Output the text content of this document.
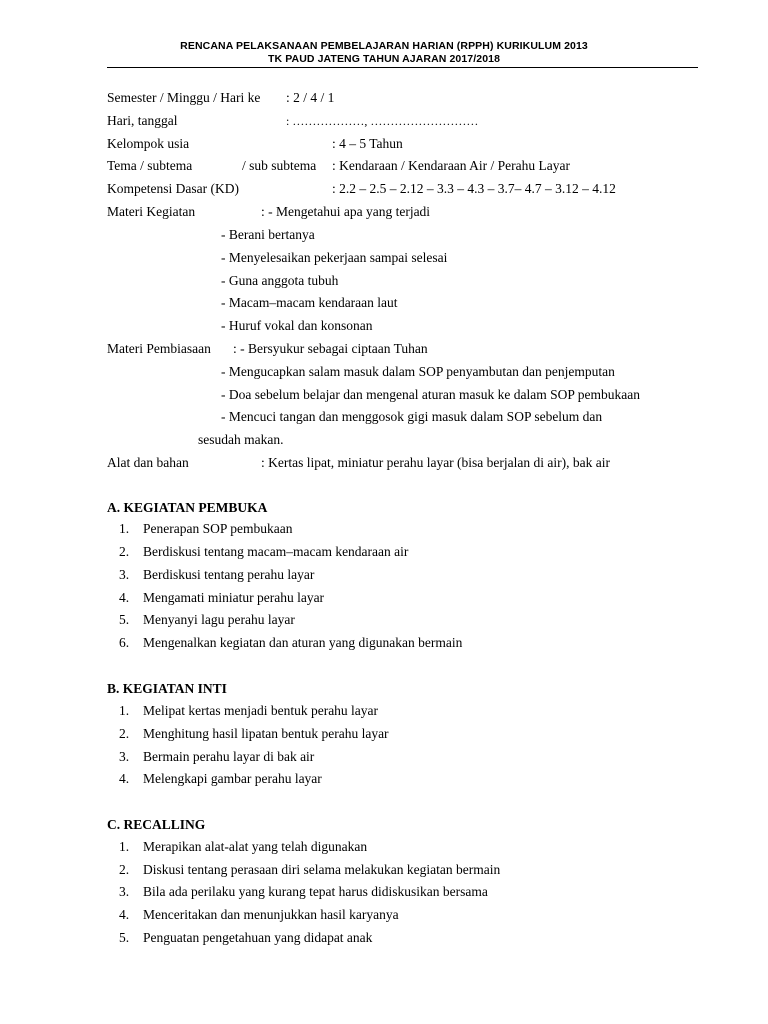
RENCANA PELAKSANAAN PEMBELAJARAN HARIAN (RPPH) KURIKULUM 2013
TK PAUD JATENG TAHUN AJARAN 2017/2018
Semester / Minggu / Hari ke : 2 / 4 / 1
Hari, tanggal	: ………………, ………………………
Kelompok usia	: 4 – 5 Tahun
Tema / subtema	/ sub subtema : Kendaraan / Kendaraan Air / Perahu Layar
Kompetensi Dasar (KD)	: 2.2 – 2.5 – 2.12 – 3.3 – 4.3 – 3.7– 4.7 – 3.12 – 4.12
Materi Kegiatan	: - Mengetahui apa yang terjadi
- Berani bertanya
- Menyelesaikan pekerjaan sampai selesai
- Guna anggota tubuh
- Macam–macam kendaraan laut
- Huruf vokal dan konsonan
Materi Pembiasaan : - Bersyukur sebagai ciptaan Tuhan
- Mengucapkan salam masuk dalam SOP penyambutan dan penjemputan
- Doa sebelum belajar dan mengenal aturan masuk ke dalam SOP pembukaan
- Mencuci tangan dan menggosok gigi masuk dalam SOP sebelum dan
sesudah makan.
Alat dan bahan	: Kertas lipat, miniatur perahu layar (bisa berjalan di air), bak air
A. KEGIATAN PEMBUKA
1. Penerapan SOP pembukaan
2. Berdiskusi tentang macam–macam kendaraan air
3. Berdiskusi tentang perahu layar
4. Mengamati miniatur perahu layar
5. Menyanyi lagu perahu layar
6. Mengenalkan kegiatan dan aturan yang digunakan bermain
B. KEGIATAN INTI
1. Melipat kertas menjadi bentuk perahu layar
2. Menghitung hasil lipatan bentuk perahu layar
3. Bermain perahu layar di bak air
4. Melengkapi gambar perahu layar
C. RECALLING
1. Merapikan alat-alat yang telah digunakan
2. Diskusi tentang perasaan diri selama melakukan kegiatan bermain
3. Bila ada perilaku yang kurang tepat harus didiskusikan bersama
4. Menceritakan dan menunjukkan hasil karyanya
5. Penguatan pengetahuan yang didapat anak
